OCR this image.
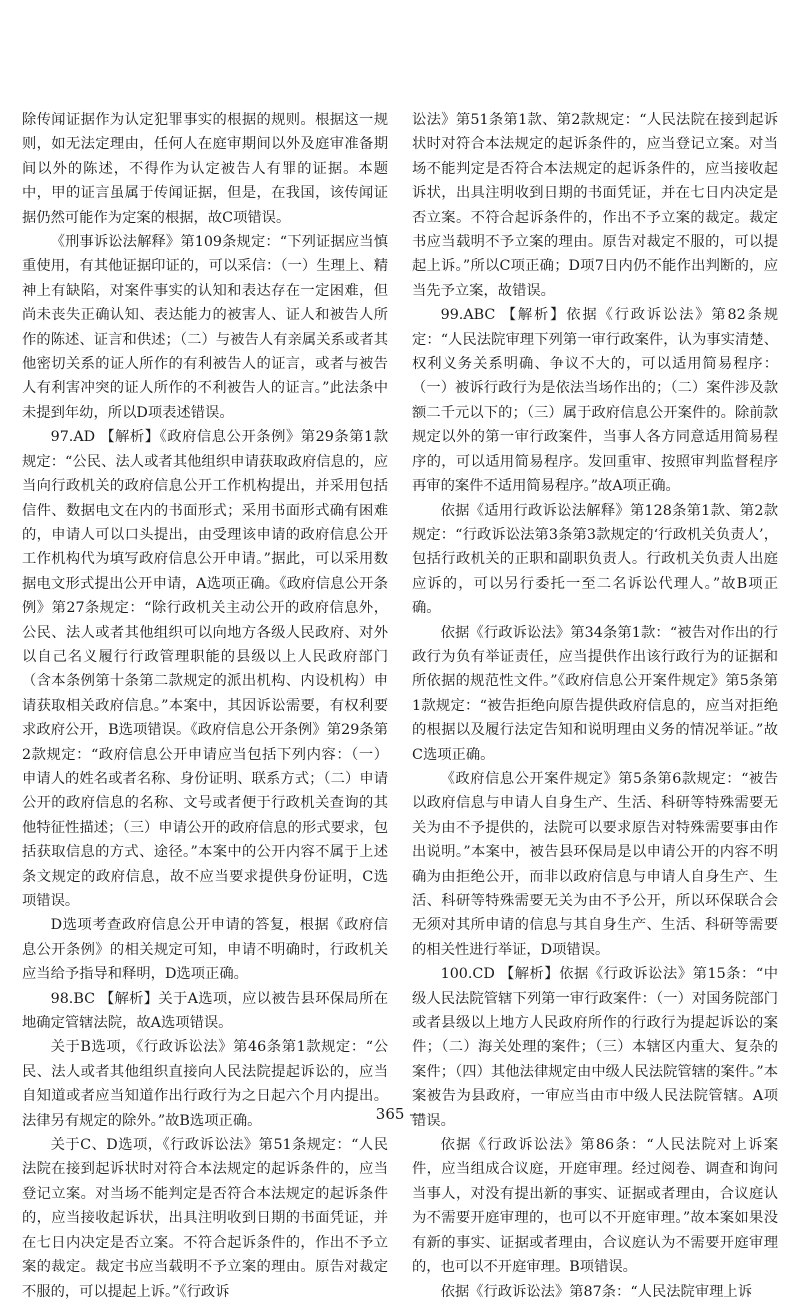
除传闻证据作为认定犯罪事实的根据的规则。根据这一规则，如无法定理由，任何人在庭审期间以外及庭审准备期间以外的陈述，不得作为认定被告人有罪的证据。本题中，甲的证言虽属于传闻证据，但是，在我国，该传闻证据仍然可能作为定案的根据，故C项错误。

《刑事诉讼法解释》第109条规定：“下列证据应当慎重使用，有其他证据印证的，可以采信：（一）生理上、精神上有缺陷，对案件事实的认知和表达存在一定困难，但尚未丧失正确认知、表达能力的被害人、证人和被告人所作的陈述、证言和供述；（二）与被告人有亲属关系或者其他密切关系的证人所作的有利被告人的证言，或者与被告人有利害冲突的证人所作的不利被告人的证言。”此法条中未提到年幼，所以D项表述错误。

97.AD 【解析】《政府信息公开条例》第29条第1款规定：“公民、法人或者其他组织申请获取政府信息的，应当向行政机关的政府信息公开工作机构提出，并采用包括信件、数据电文在内的书面形式；采用书面形式确有困难的，申请人可以口头提出，由受理该申请的政府信息公开工作机构代为填写政府信息公开申请。”据此，可以采用数据电文形式提出公开申请，A选项正确。《政府信息公开条例》第27条规定：“除行政机关主动公开的政府信息外，公民、法人或者其他组织可以向地方各级人民政府、对外以自己名义履行行政管理职能的县级以上人民政府部门（含本条例第十条第二款规定的派出机构、内设机构）申请获取相关政府信息。”本案中，其因诉讼需要，有权利要求政府公开，B选项错误。《政府信息公开条例》第29条第2款规定：“政府信息公开申请应当包括下列内容：（一）申请人的姓名或者名称、身份证明、联系方式；（二）申请公开的政府信息的名称、文号或者便于行政机关查询的其他特征性描述；（三）申请公开的政府信息的形式要求，包括获取信息的方式、途径。”本案中的公开内容不属于上述条文规定的政府信息，故不应当要求提供身份证明，C选项错误。

D选项考查政府信息公开申请的答复，根据《政府信息公开条例》的相关规定可知，申请不明确时，行政机关应当给予指导和释明，D选项正确。

98.BC 【解析】关于A选项，应以被告县环保局所在地确定管辖法院，故A选项错误。

关于B选项，《行政诉讼法》第46条第1款规定：“公民、法人或者其他组织直接向人民法院提起诉讼的，应当自知道或者应当知道作出行政行为之日起六个月内提出。法律另有规定的除外。”故B选项正确。

关于C、D选项，《行政诉讼法》第51条规定：“人民法院在接到起诉状时对符合本法规定的起诉条件的，应当登记立案。对当场不能判定是否符合本法规定的起诉条件的，应当接收起诉状，出具注明收到日期的书面凭证，并在七日内决定是否立案。不符合起诉条件的，作出不予立案的裁定。裁定书应当载明不予立案的理由。原告对裁定不服的，可以提起上诉。”《行政诉

讼法》第51条第1款、第2款规定：“人民法院在接到起诉状时对符合本法规定的起诉条件的，应当登记立案。对当场不能判定是否符合本法规定的起诉条件的，应当接收起诉状，出具注明收到日期的书面凭证，并在七日内决定是否立案。不符合起诉条件的，作出不予立案的裁定。裁定书应当载明不予立案的理由。原告对裁定不服的，可以提起上诉。”所以C项正确；D项7日内仍不能作出判断的，应当先予立案，故错误。

99.ABC 【解析】依据《行政诉讼法》第82条规定：“人民法院审理下列第一审行政案件，认为事实清楚、权利义务关系明确、争议不大的，可以适用简易程序：（一）被诉行政行为是依法当场作出的；（二）案件涉及款额二千元以下的；（三）属于政府信息公开案件的。除前款规定以外的第一审行政案件，当事人各方同意适用简易程序的，可以适用简易程序。发回重审、按照审判监督程序再审的案件不适用简易程序。”故A项正确。

依据《适用行政诉讼法解释》第128条第1款、第2款规定：“行政诉讼法第3条第3款规定的‘行政机关负责人’，包括行政机关的正职和副职负责人。行政机关负责人出庭应诉的，可以另行委托一至二名诉讼代理人。”故B项正确。

依据《行政诉讼法》第34条第1款：“被告对作出的行政行为负有举证责任，应当提供作出该行政行为的证据和所依据的规范性文件。”《政府信息公开案件规定》第5条第1款规定：“被告拒绝向原告提供政府信息的，应当对拒绝的根据以及履行法定告知和说明理由义务的情况举证。”故C选项正确。

《政府信息公开案件规定》第5条第6款规定：“被告以政府信息与申请人自身生产、生活、科研等特殊需要无关为由不予提供的，法院可以要求原告对特殊需要事由作出说明。”本案中，被告县环保局是以申请公开的内容不明确为由拒绝公开，而非以政府信息与申请人自身生产、生活、科研等特殊需要无关为由不予公开，所以环保联合会无须对其所申请的信息与其自身生产、生活、科研等需要的相关性进行举证，D项错误。

100.CD 【解析】依据《行政诉讼法》第15条：“中级人民法院管辖下列第一审行政案件：（一）对国务院部门或者县级以上地方人民政府所作的行政行为提起诉讼的案件；（二）海关处理的案件；（三）本辖区内重大、复杂的案件；（四）其他法律规定由中级人民法院管辖的案件。”本案被告为县政府，一审应当由市中级人民法院管辖。A项错误。

依据《行政诉讼法》第86条：“人民法院对上诉案件，应当组成合议庭，开庭审理。经过阅卷、调查和询问当事人，对没有提出新的事实、证据或者理由，合议庭认为不需要开庭审理的，也可以不开庭审理。”故本案如果没有新的事实、证据或者理由，合议庭认为不需要开庭审理的，也可以不开庭审理。B项错误。

依据《行政诉讼法》第87条：“人民法院审理上诉

365 —
